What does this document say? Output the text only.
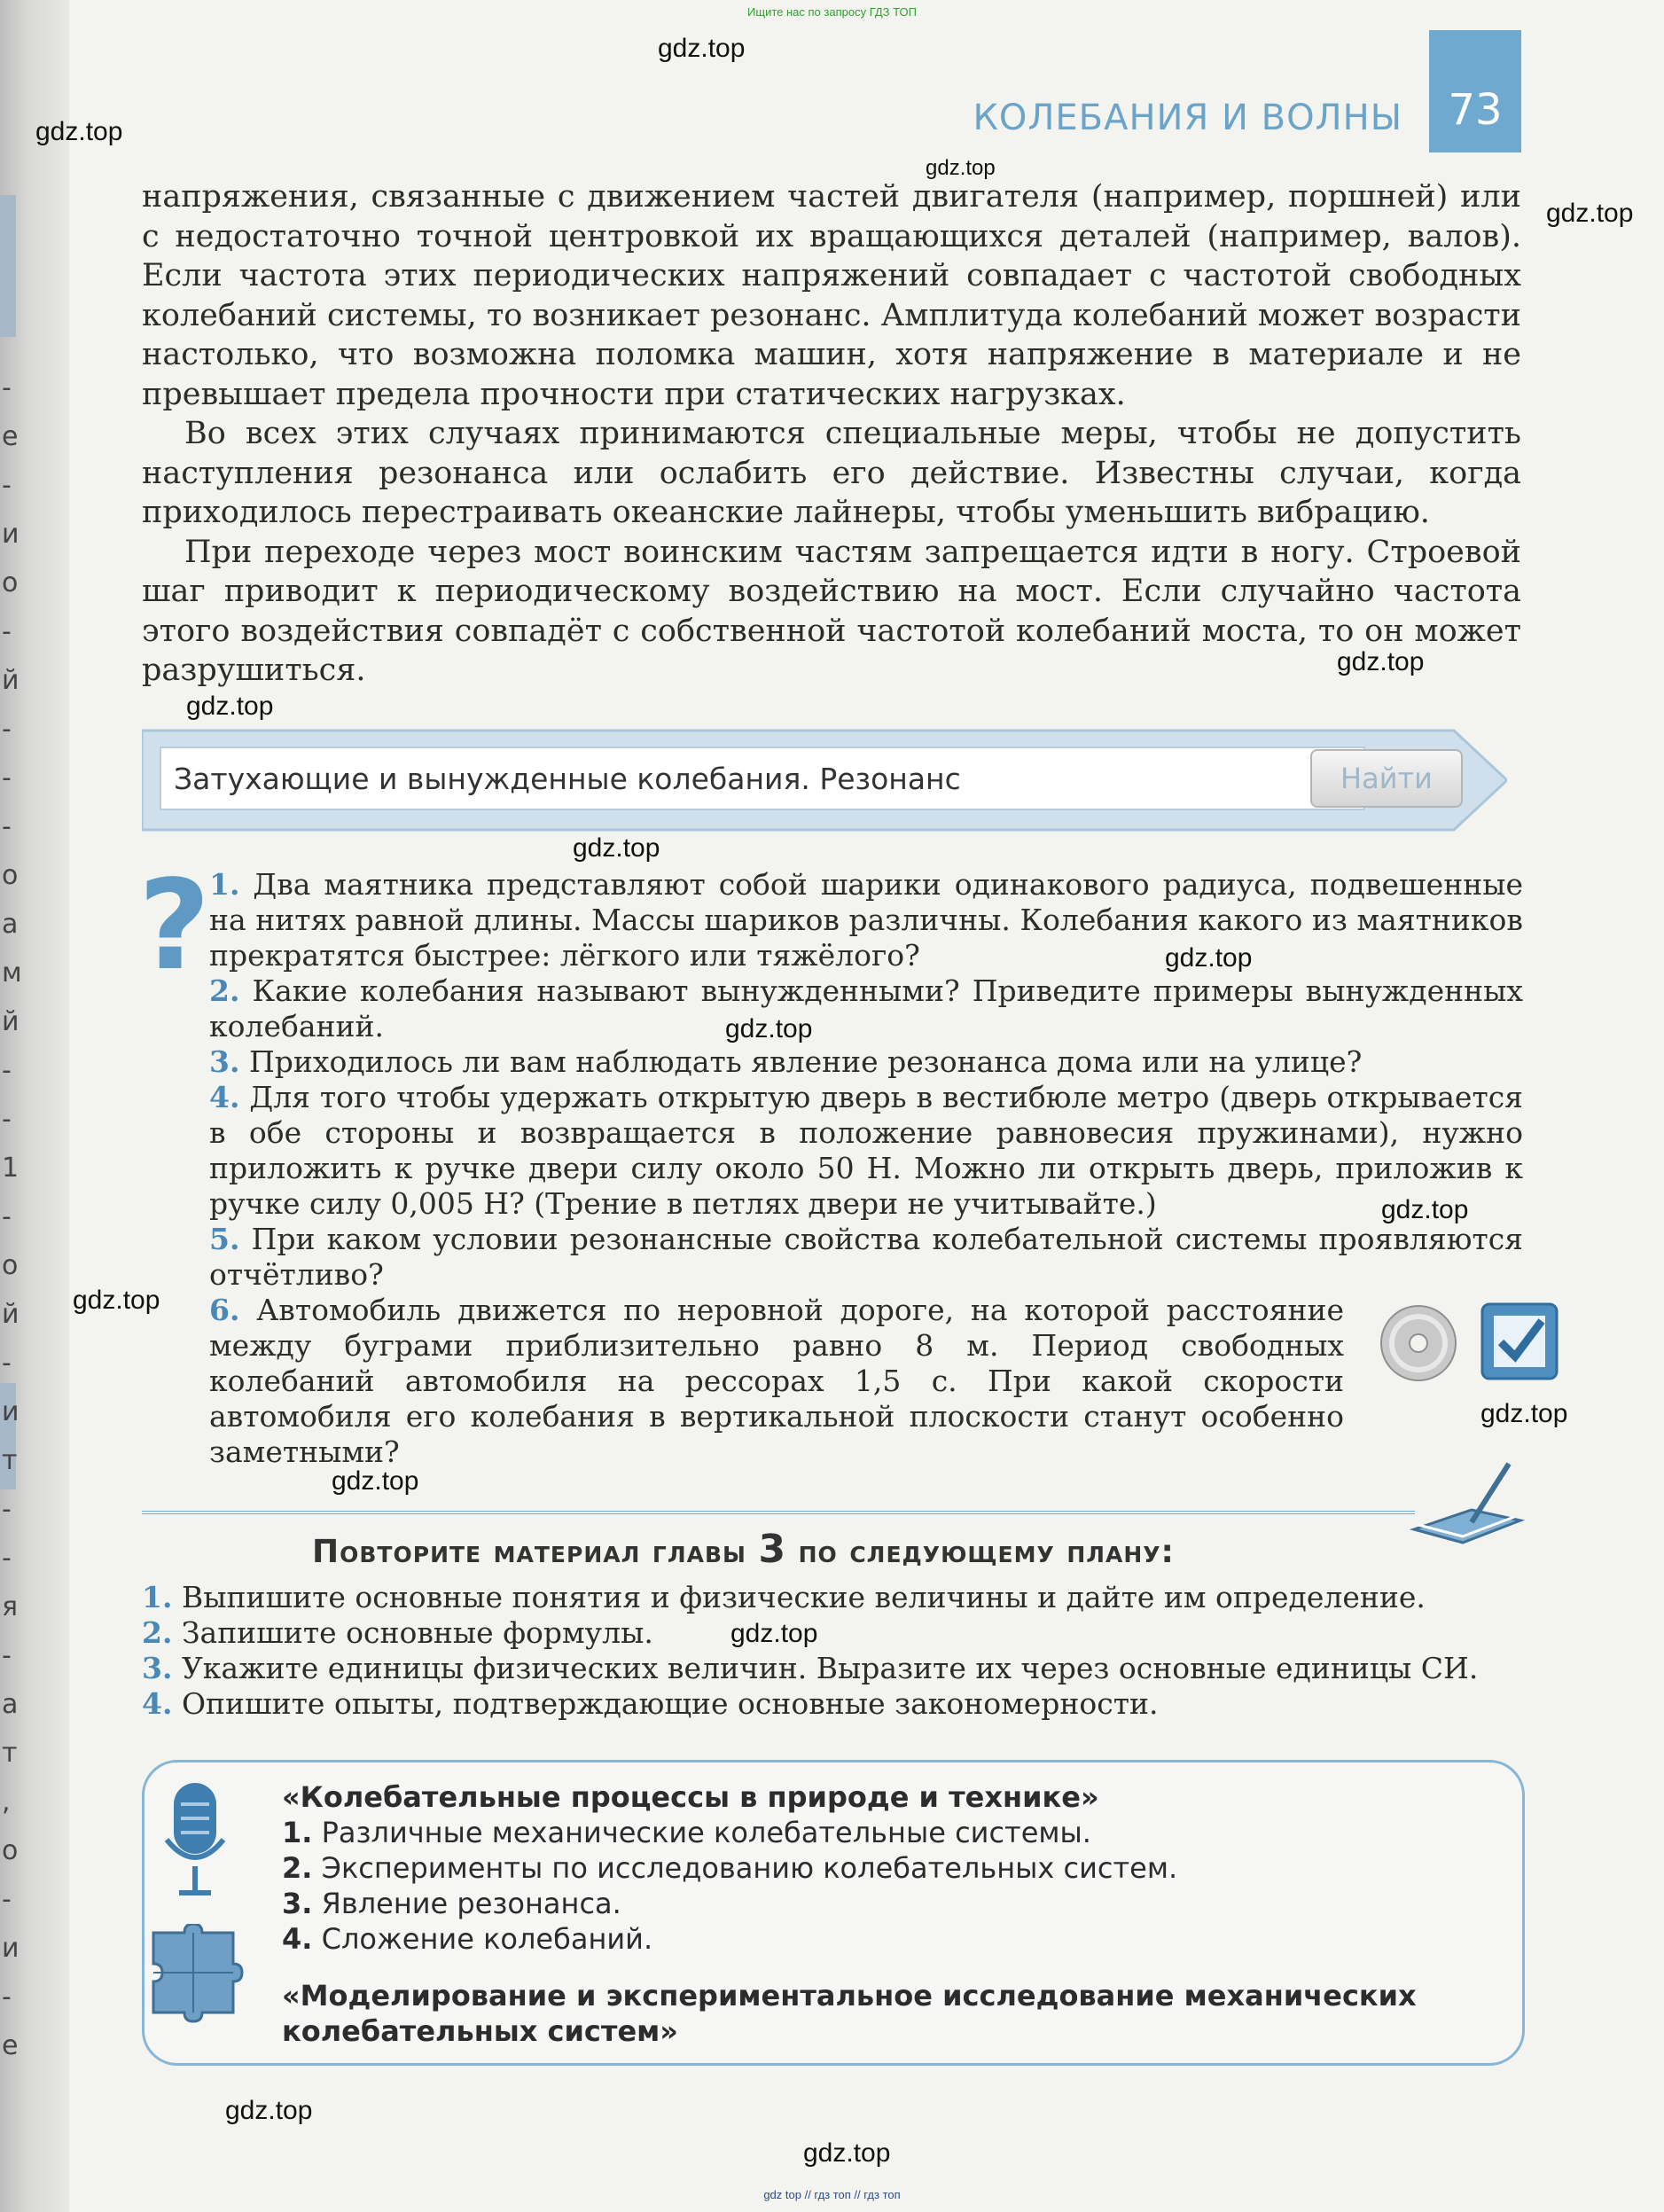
-
е
-
и
о
-
й
-
-
-
о
а
м
й
-
-
1
-
о
й
-
и
т
-
-
я
-
а
т
,
о
-
и
-
е
Ищите нас по запросу ГДЗ ТОП
gdz.top
gdz.top
gdz.top
gdz.top
gdz.top
gdz.top
gdz.top
gdz.top
gdz.top
gdz.top
gdz.top
gdz.top
gdz.top
gdz.top
gdz.top
gdz.top
gdz top // гдз топ // гдз топ
КОЛЕБАНИЯ И ВОЛНЫ	73

напряжения, связанные с движением частей двигателя (например, поршней) или с недостаточно точной центровкой их вращающихся деталей (например, валов). Если частота этих периодических напряжений совпадает с частотой свободных колебаний системы, то возникает резонанс. Амплитуда колебаний может возрасти настолько, что возможна поломка машин, хотя напряжение в материале и не превышает предела прочности при статических нагрузках.

Во всех этих случаях принимаются специальные меры, чтобы не допустить наступления резонанса или ослабить его действие. Известны случаи, когда приходилось перестраивать океанские лайнеры, чтобы уменьшить вибрацию.

При переходе через мост воинским частям запрещается идти в ногу. Строевой шаг приводит к периодическому воздействию на мост. Если случайно частота этого воздействия совпадёт с собственной частотой колебаний моста, то он может разрушиться.

Затухающие и вынужденные колебания. Резонанс	Найти
?

1. Два маятника представляют собой шарики одинакового радиуса, подвешенные на нитях равной длины. Массы шариков различны. Колебания какого из маятников прекратятся быстрее: лёгкого или тяжёлого?

2. Какие колебания называют вынужденными? Приведите примеры вынужденных колебаний.

3. Приходилось ли вам наблюдать явление резонанса дома или на улице?

4. Для того чтобы удержать открытую дверь в вестибюле метро (дверь открывается в обе стороны и возвращается в положение равновесия пружинами), нужно приложить к ручке двери силу около 50 Н. Можно ли открыть дверь, приложив к ручке силу 0,005 Н? (Трение в петлях двери не учитывайте.)

5. При каком условии резонансные свойства колебательной системы проявляются отчётливо?

6. Автомобиль движется по неровной дороге, на которой расстояние между буграми приблизительно равно 8 м. Период свободных колебаний автомобиля на рессорах 1,5 с. При какой скорости автомобиля его колебания в вертикальной плоскости станут особенно заметными?

Повторите материал главы 3 по следующему плану:
1. Выпишите основные понятия и физические величины и дайте им определение.
2. Запишите основные формулы.
3. Укажите единицы физических величин. Выразите их через основные единицы СИ.
4. Опишите опыты, подтверждающие основные закономерности.
«Колебательные процессы в природе и технике»
1. Различные механические колебательные системы.
2. Эксперименты по исследованию колебательных систем.
3. Явление резонанса.
4. Сложение колебаний.
«Моделирование и экспериментальное исследование механических
колебательных систем»
